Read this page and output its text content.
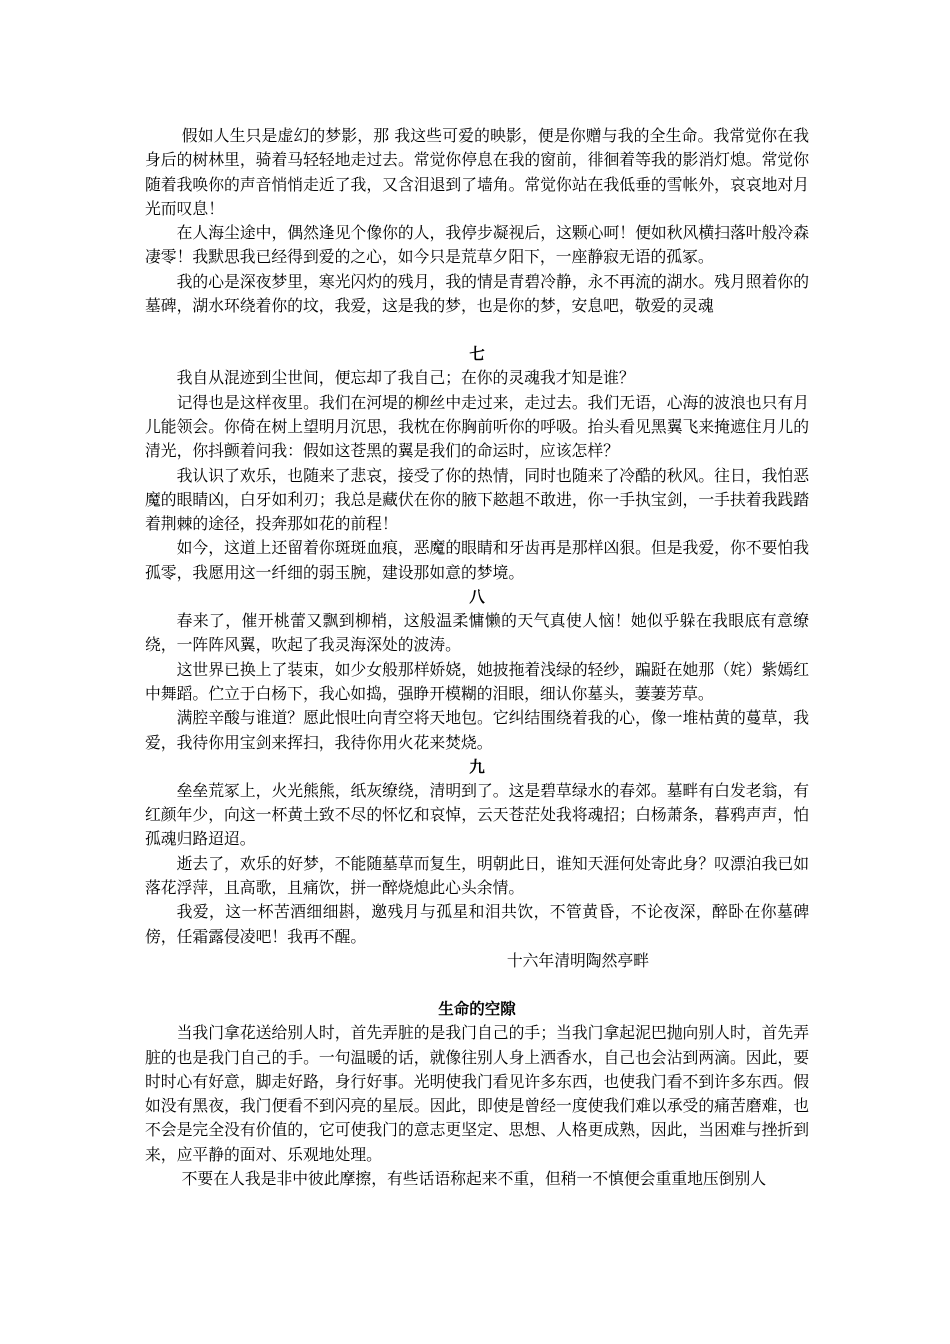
假如人生只是虚幻的梦影，那 我这些可爱的映影，便是你赠与我的全生命。我常觉你在我身后的树林里，骑着马轻轻地走过去。常觉你停息在我的窗前，徘徊着等我的影消灯熄。常觉你随着我唤你的声音悄悄走近了我，又含泪退到了墙角。常觉你站在我低垂的雪帐外，哀哀地对月光而叹息！

在人海尘途中，偶然逢见个像你的人，我停步凝视后，这颗心呵！便如秋风横扫落叶般冷森凄零！我默思我已经得到爱的之心，如今只是荒草夕阳下，一座静寂无语的孤冢。

我的心是深夜梦里，寒光闪灼的残月，我的情是青碧冷静，永不再流的湖水。残月照着你的墓碑，湖水环绕着你的坟，我爱，这是我的梦，也是你的梦，安息吧，敬爱的灵魂

七

我自从混迹到尘世间，便忘却了我自己；在你的灵魂我才知是谁？

记得也是这样夜里。我们在河堤的柳丝中走过来，走过去。我们无语，心海的波浪也只有月儿能领会。你倚在树上望明月沉思，我枕在你胸前听你的呼吸。抬头看见黑翼飞来掩遮住月儿的清光，你抖颤着问我：假如这苍黑的翼是我们的命运时，应该怎样？

我认识了欢乐，也随来了悲哀，接受了你的热情，同时也随来了冷酷的秋风。往日，我怕恶魔的眼睛凶，白牙如利刃；我总是藏伏在你的腋下趑趄不敢进，你一手执宝剑，一手扶着我践踏着荆棘的途径，投奔那如花的前程！

如今，这道上还留着你斑斑血痕，恶魔的眼睛和牙齿再是那样凶狠。但是我爱，你不要怕我孤零，我愿用这一纤细的弱玉腕，建设那如意的梦境。

八

春来了，催开桃蕾又飘到柳梢，这般温柔慵懒的天气真使人恼！她似乎躲在我眼底有意缭绕，一阵阵风翼，吹起了我灵海深处的波涛。

这世界已换上了装束，如少女般那样娇娆，她披拖着浅绿的轻纱，蹁跹在她那（姹）紫嫣红中舞蹈。伫立于白杨下，我心如捣，强睁开模糊的泪眼，细认你墓头，萋萋芳草。

满腔辛酸与谁道？愿此恨吐向青空将天地包。它纠结围绕着我的心，像一堆枯黄的蔓草，我爱，我待你用宝剑来挥扫，我待你用火花来焚烧。

九

垒垒荒冢上，火光熊熊，纸灰缭绕，清明到了。这是碧草绿水的春郊。墓畔有白发老翁，有红颜年少，向这一杯黄土致不尽的怀忆和哀悼，云天苍茫处我将魂招；白杨萧条，暮鸦声声，怕孤魂归路迢迢。

逝去了，欢乐的好梦，不能随墓草而复生，明朝此日，谁知天涯何处寄此身？叹漂泊我已如落花浮萍，且高歌，且痛饮，拼一醉烧熄此心头余情。

我爱，这一杯苦酒细细斟，邀残月与孤星和泪共饮，不管黄昏，不论夜深，醉卧在你墓碑傍，任霜露侵凌吧！我再不醒。

十六年清明陶然亭畔

生命的空隙

当我门拿花送给别人时，首先弄脏的是我门自己的手；当我门拿起泥巴抛向别人时，首先弄脏的也是我门自己的手。一句温暖的话，就像往别人身上洒香水，自己也会沾到两滴。因此，要时时心有好意，脚走好路，身行好事。光明使我门看见许多东西，也使我门看不到许多东西。假如没有黑夜，我门便看不到闪亮的星辰。因此，即使是曾经一度使我们难以承受的痛苦磨难，也不会是完全没有价值的，它可使我门的意志更坚定、思想、人格更成熟，因此，当困难与挫折到来，应平静的面对、乐观地处理。

不要在人我是非中彼此摩擦，有些话语称起来不重，但稍一不慎便会重重地压倒别人
